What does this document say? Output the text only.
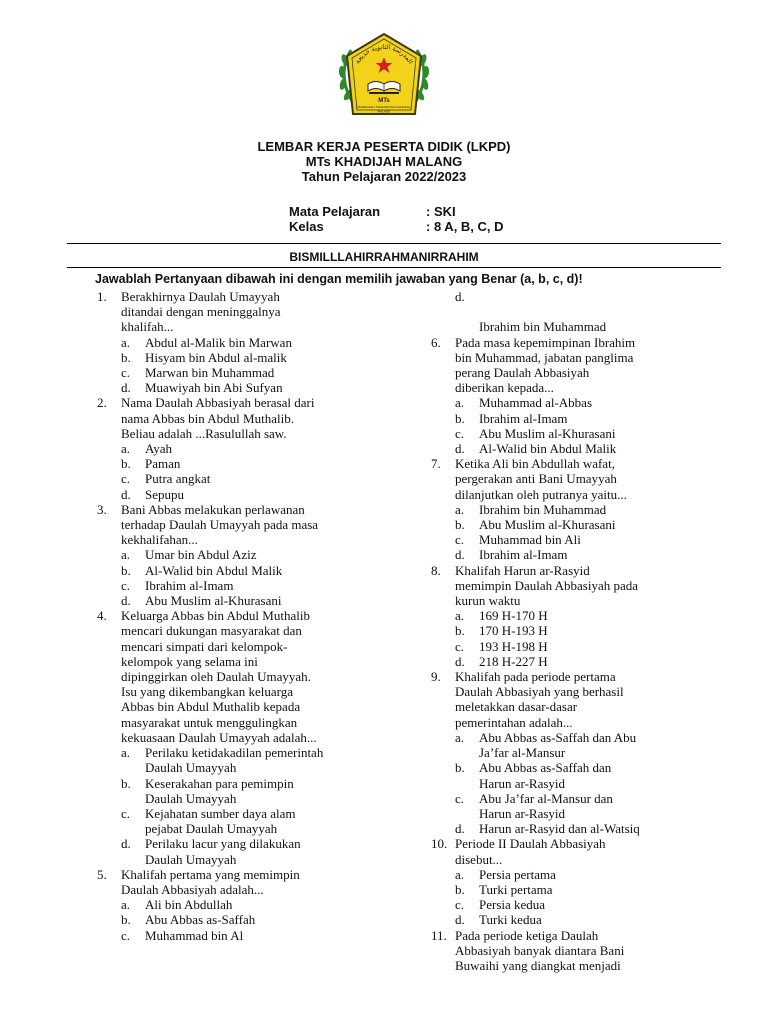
المدرسة الثانوية خديجة
MTs
MADRASAH TSANAWIYAH KHADIJAH
MALANG
LEMBAR KERJA PESERTA DIDIK (LKPD)
MTs KHADIJAH MALANG
Tahun Pelajaran 2022/2023
Mata Pelajaran	: SKI
Kelas	: 8 A, B, C, D
BISMILLLAHIRRAHMANIRRAHIM
Jawablah Pertanyaan dibawah ini dengan memilih jawaban yang Benar (a, b, c, d)!
1. Berakhirnya Daulah Umayyah
ditandai dengan meninggalnya
khalifah...
a. Abdul al-Malik bin Marwan
b. Hisyam bin Abdul al-malik
c. Marwan bin Muhammad
d. Muawiyah bin Abi Sufyan
2. Nama Daulah Abbasiyah berasal dari
nama Abbas bin Abdul Muthalib.
Beliau adalah ...Rasulullah saw.
a. Ayah
b. Paman
c. Putra angkat
d. Sepupu
3. Bani Abbas melakukan perlawanan
terhadap Daulah Umayyah pada masa
kekhalifahan...
a. Umar bin Abdul Aziz
b. Al-Walid bin Abdul Malik
c. Ibrahim al-Imam
d. Abu Muslim al-Khurasani
4. Keluarga Abbas bin Abdul Muthalib
mencari dukungan masyarakat dan
mencari simpati dari kelompok-
kelompok yang selama ini
dipinggirkan oleh Daulah Umayyah.
Isu yang dikembangkan keluarga
Abbas bin Abdul Muthalib kepada
masyarakat untuk menggulingkan
kekuasaan Daulah Umayyah adalah...
a. Perilaku ketidakadilan pemerintah
Daulah Umayyah
b. Keserakahan para pemimpin
Daulah Umayyah
c. Kejahatan sumber daya alam
pejabat Daulah Umayyah
d. Perilaku lacur yang dilakukan
Daulah Umayyah
5. Khalifah pertama yang memimpin
Daulah Abbasiyah adalah...
a. Ali bin Abdullah
b. Abu Abbas as-Saffah
c. Muhammad bin Al

d.

Ibrahim bin Muhammad

6. Pada masa kepemimpinan Ibrahim
bin Muhammad, jabatan panglima
perang Daulah Abbasiyah
diberikan kepada...
a. Muhammad al-Abbas
b. Ibrahim al-Imam
c. Abu Muslim al-Khurasani
d. Al-Walid bin Abdul Malik
7. Ketika Ali bin Abdullah wafat,
pergerakan anti Bani Umayyah
dilanjutkan oleh putranya yaitu...
a. Ibrahim bin Muhammad
b. Abu Muslim al-Khurasani
c. Muhammad bin Ali
d. Ibrahim al-Imam
8. Khalifah Harun ar-Rasyid
memimpin Daulah Abbasiyah pada
kurun waktu
a. 169 H-170 H
b. 170 H-193 H
c. 193 H-198 H
d. 218 H-227 H
9. Khalifah pada periode pertama
Daulah Abbasiyah yang berhasil
meletakkan dasar-dasar
pemerintahan adalah...
a. Abu Abbas as-Saffah dan Abu
Ja’far al-Mansur
b. Abu Abbas as-Saffah dan
Harun ar-Rasyid
c. Abu Ja’far al-Mansur dan
Harun ar-Rasyid
d. Harun ar-Rasyid dan al-Watsiq
10. Periode II Daulah Abbasiyah
disebut...
a. Persia pertama
b. Turki pertama
c. Persia kedua
d. Turki kedua
11. Pada periode ketiga Daulah
Abbasiyah banyak diantara Bani
Buwaihi yang diangkat menjadi
